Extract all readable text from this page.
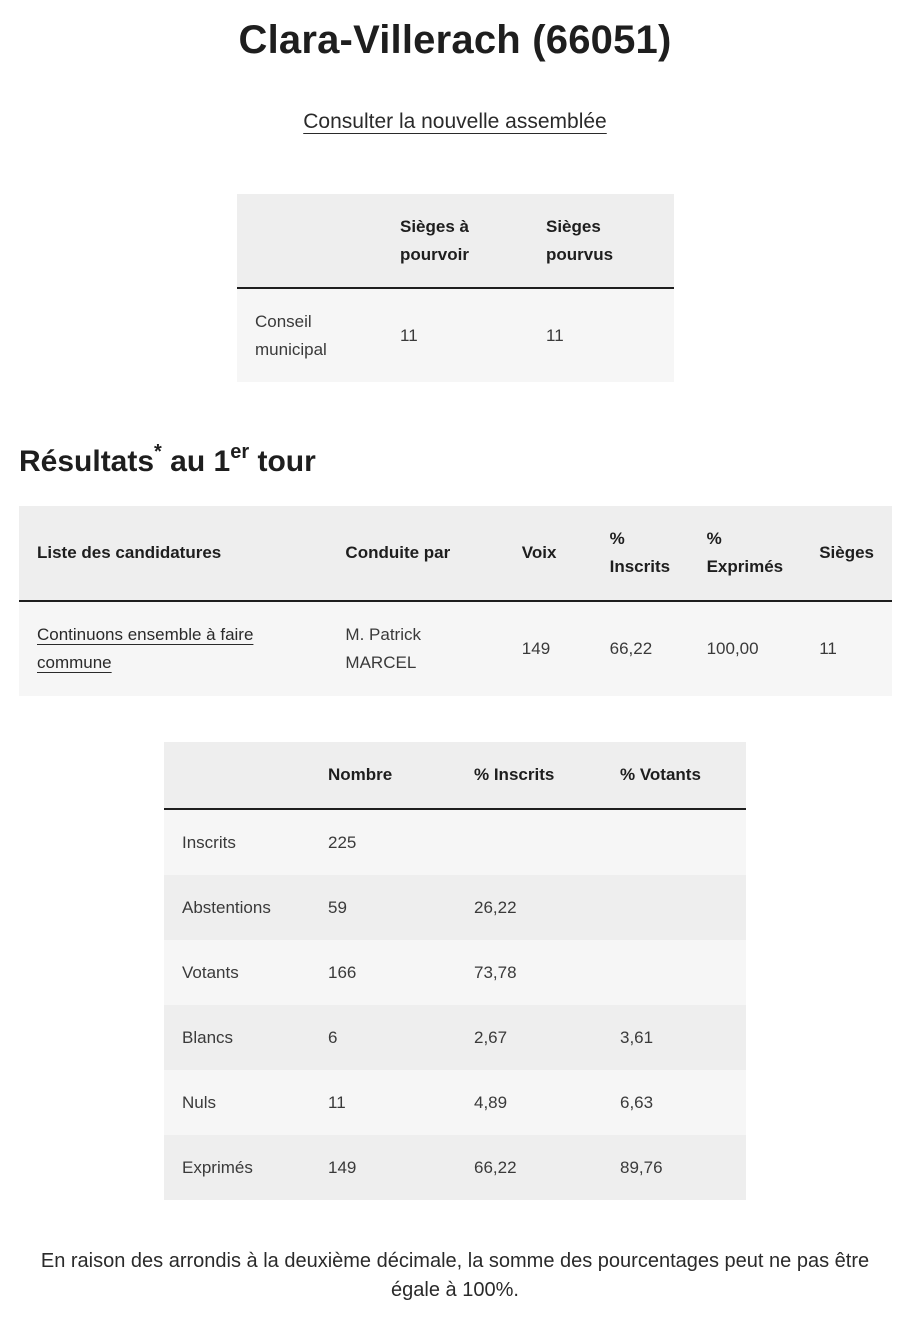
Clara-Villerach (66051)
Consulter la nouvelle assemblée
	Sièges à pourvoir	Sièges pourvus
Conseil municipal	11	11
Résultats* au 1er tour
Liste des candidatures	Conduite par	Voix	% Inscrits	% Exprimés	Sièges
Continuons ensemble à faire commune	M. Patrick MARCEL	149	66,22	100,00	11
	Nombre	% Inscrits	% Votants
Inscrits	225		
Abstentions	59	26,22	
Votants	166	73,78	
Blancs	6	2,67	3,61
Nuls	11	4,89	6,63
Exprimés	149	66,22	89,76

En raison des arrondis à la deuxième décimale, la somme des pourcentages peut ne pas être égale à 100%.
